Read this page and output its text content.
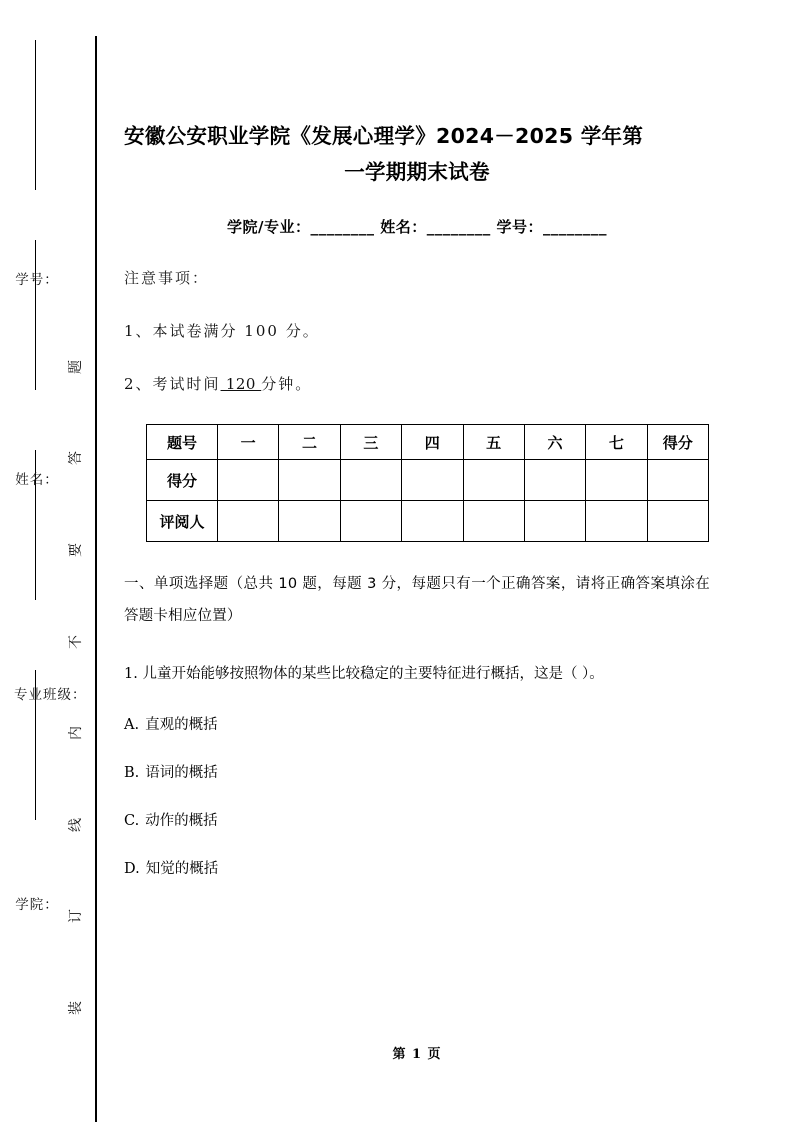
学号：
姓名：
专业班级：
学院：
题
答
要
不
内
线
订
装
安徽公安职业学院《发展心理学》2024－2025 学年第
一学期期末试卷
学院/专业：________ 姓名：________ 学号：________
注意事项：
1、本试卷满分 100 分。
2、考试时间 120 分钟。
题号	一	二	三	四	五	六	七	得分
得分								
评阅人								
一、单项选择题（总共 10 题，每题 3 分，每题只有一个正确答案，请将正确答案填涂在答题卡相应位置）
1. 儿童开始能够按照物体的某些比较稳定的主要特征进行概括，这是（ ）。
A. 直观的概括
B. 语词的概括
C. 动作的概括
D. 知觉的概括
第 1 页
